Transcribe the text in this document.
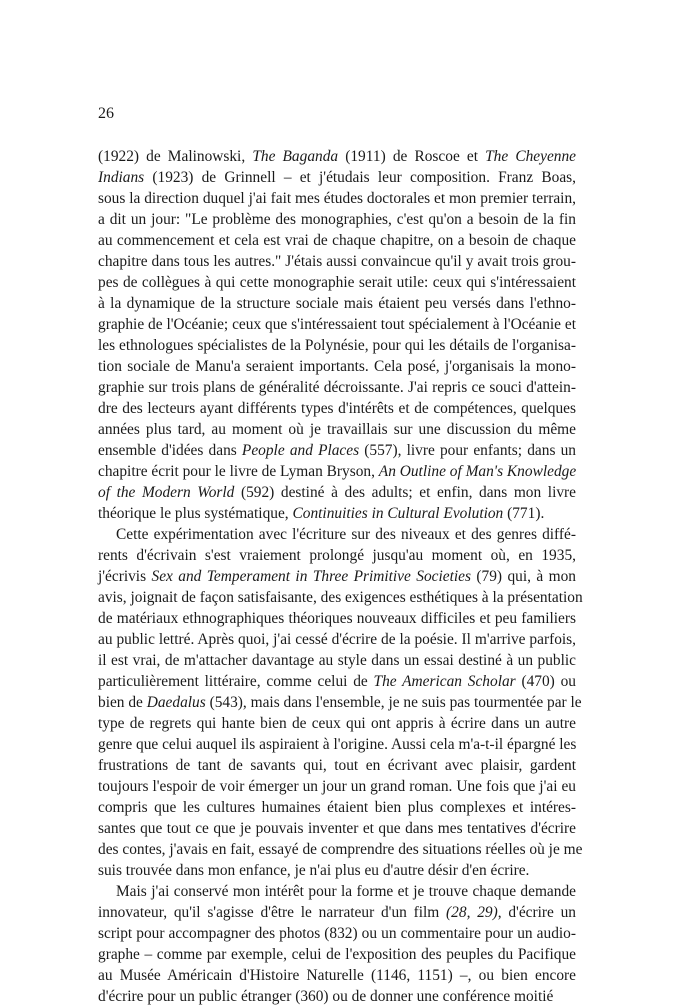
26
(1922) de Malinowski, The Baganda (1911) de Roscoe et The Cheyenne
Indians (1923) de Grinnell – et j'étudais leur composition. Franz Boas,
sous la direction duquel j'ai fait mes études doctorales et mon premier terrain,
a dit un jour: "Le problème des monographies, c'est qu'on a besoin de la fin
au commencement et cela est vrai de chaque chapitre, on a besoin de chaque
chapitre dans tous les autres." J'étais aussi convaincue qu'il y avait trois grou-
pes de collègues à qui cette monographie serait utile: ceux qui s'intéressaient
à la dynamique de la structure sociale mais étaient peu versés dans l'ethno-
graphie de l'Océanie; ceux que s'intéressaient tout spécialement à l'Océanie et
les ethnologues spécialistes de la Polynésie, pour qui les détails de l'organisa-
tion sociale de Manu'a seraient importants. Cela posé, j'organisais la mono-
graphie sur trois plans de généralité décroissante. J'ai repris ce souci d'attein-
dre des lecteurs ayant différents types d'intérêts et de compétences, quelques
années plus tard, au moment où je travaillais sur une discussion du même
ensemble d'idées dans People and Places (557), livre pour enfants; dans un
chapitre écrit pour le livre de Lyman Bryson, An Outline of Man's Knowledge
of the Modern World (592) destiné à des adults; et enfin, dans mon livre
théorique le plus systématique, Continuities in Cultural Evolution (771).
Cette expérimentation avec l'écriture sur des niveaux et des genres diffé-
rents d'écrivain s'est vraiement prolongé jusqu'au moment où, en 1935,
j'écrivis Sex and Temperament in Three Primitive Societies (79) qui, à mon
avis, joignait de façon satisfaisante, des exigences esthétiques à la présentation
de matériaux ethnographiques théoriques nouveaux difficiles et peu familiers
au public lettré. Après quoi, j'ai cessé d'écrire de la poésie. Il m'arrive parfois,
il est vrai, de m'attacher davantage au style dans un essai destiné à un public
particulièrement littéraire, comme celui de The American Scholar (470) ou
bien de Daedalus (543), mais dans l'ensemble, je ne suis pas tourmentée par le
type de regrets qui hante bien de ceux qui ont appris à écrire dans un autre
genre que celui auquel ils aspiraient à l'origine. Aussi cela m'a-t-il épargné les
frustrations de tant de savants qui, tout en écrivant avec plaisir, gardent
toujours l'espoir de voir émerger un jour un grand roman. Une fois que j'ai eu
compris que les cultures humaines étaient bien plus complexes et intéres-
santes que tout ce que je pouvais inventer et que dans mes tentatives d'écrire
des contes, j'avais en fait, essayé de comprendre des situations réelles où je me
suis trouvée dans mon enfance, je n'ai plus eu d'autre désir d'en écrire.
Mais j'ai conservé mon intérêt pour la forme et je trouve chaque demande
innovateur, qu'il s'agisse d'être le narrateur d'un film (28, 29), d'écrire un
script pour accompagner des photos (832) ou un commentaire pour un audio-
graphe – comme par exemple, celui de l'exposition des peuples du Pacifique
au Musée Américain d'Histoire Naturelle (1146, 1151) –, ou bien encore
d'écrire pour un public étranger (360) ou de donner une conférence moitié
